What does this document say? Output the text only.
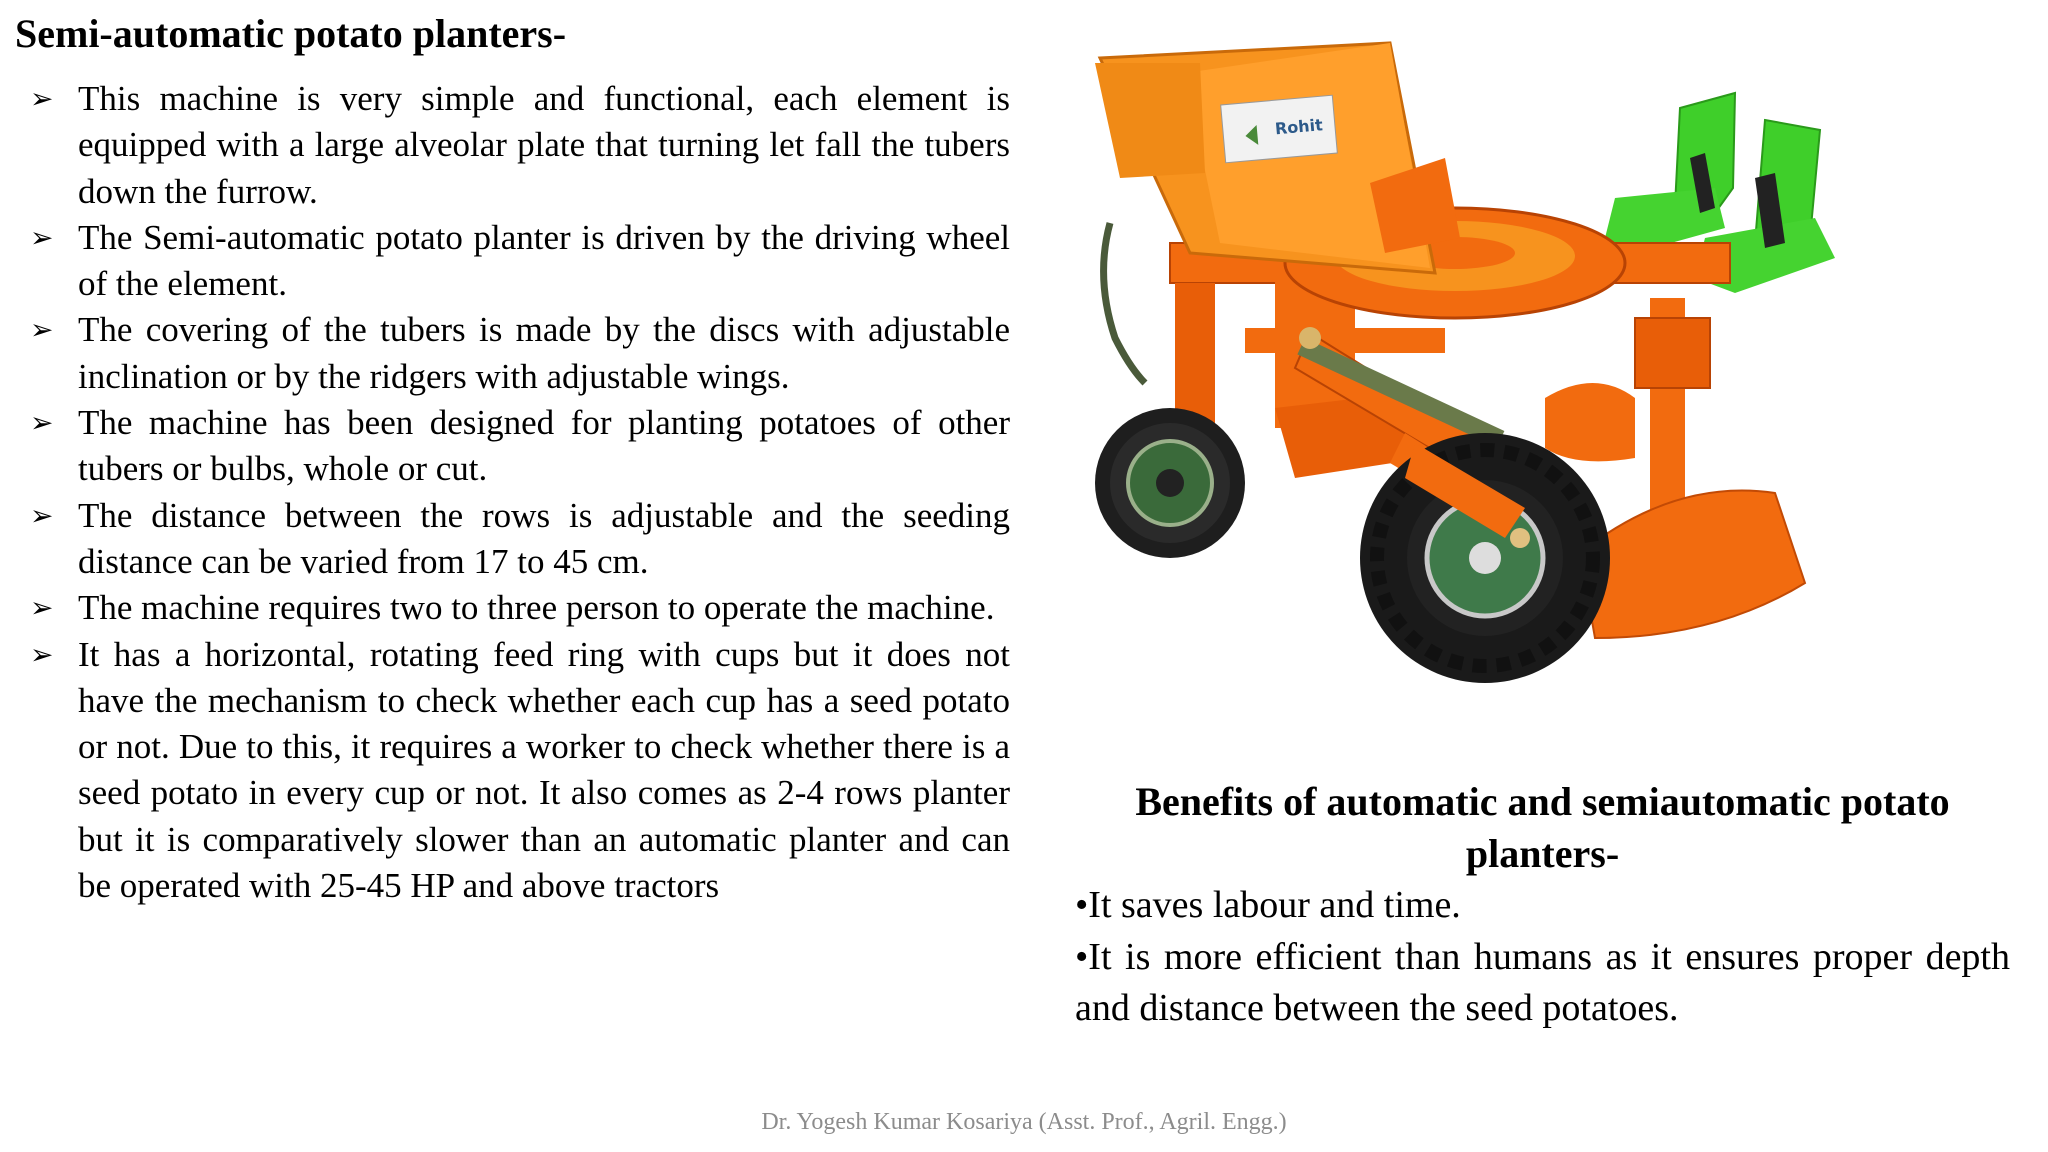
Semi-automatic potato planters-
➢ This machine is very simple and functional, each element is equipped with a large alveolar plate that turning let fall the tubers down the furrow.
➢ The Semi-automatic potato planter is driven by the driving wheel of the element.
➢ The covering of the tubers is made by the discs with adjustable inclination or by the ridgers with adjustable wings.
➢ The machine has been designed for planting potatoes of other tubers or bulbs, whole or cut.
➢ The distance between the rows is adjustable and the seeding distance can be varied from 17 to 45 cm.
➢ The machine requires two to three person to operate the machine.
➢ It has a horizontal, rotating feed ring with cups but it does not have the mechanism to check whether each cup has a seed potato or not. Due to this, it requires a worker to check whether there is a seed potato in every cup or not. It also comes as 2-4 rows planter but it is comparatively slower than an automatic planter and can be operated with 25-45 HP and above tractors
Rohit
Benefits of automatic and semiautomatic potato planters-

•It saves labour and time.

•It is more efficient than humans as it ensures proper depth and distance between the seed potatoes.

Dr. Yogesh Kumar Kosariya (Asst. Prof., Agril. Engg.)
